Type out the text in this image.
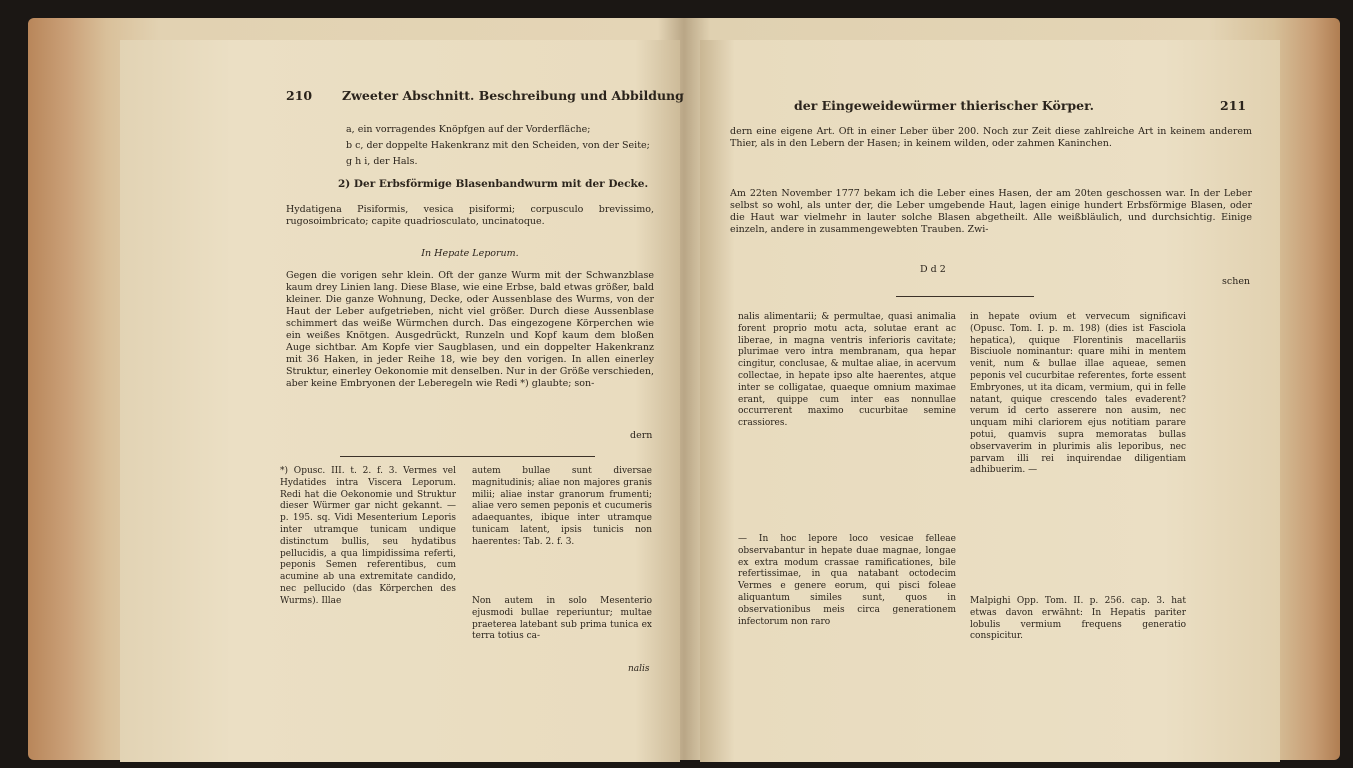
210 Zweeter Abschnitt. Beschreibung und Abbildung
a, ein vorragendes Knöpfgen auf der Vorderfläche;
b c, der doppelte Hakenkranz mit den Scheiden, von der Seite;
g h i, der Hals.
2) Der Erbsförmige Blasenbandwurm mit der Decke.
Hydatigena Pisiformis, vesica pisiformi; corpusculo brevissimo, rugosoimbricato; capite quadriosculato, uncinatoque.
In Hepate Leporum.
Gegen die vorigen sehr klein. Oft der ganze Wurm mit der Schwanzblase kaum drey Linien lang. Diese Blase, wie eine Erbse, bald etwas größer, bald kleiner. Die ganze Wohnung, Decke, oder Aussenblase des Wurms, von der Haut der Leber aufgetrieben, nicht viel größer. Durch diese Aussenblase schimmert das weiße Würmchen durch. Das eingezogene Körperchen wie ein weißes Knötgen. Ausgedrückt, Runzeln und Kopf kaum dem bloßen Auge sichtbar. Am Kopfe vier Saugblasen, und ein doppelter Hakenkranz mit 36 Haken, in jeder Reihe 18, wie bey den vorigen. In allen einerley Struktur, einerley Oekonomie mit denselben. Nur in der Größe verschieden, aber keine Embryonen der Leberegeln wie Redi *) glaubte; son-
dern
*) Opusc. III. t. 2. f. 3. Vermes vel Hydatides intra Viscera Leporum. Redi hat die Oekonomie und Struktur dieser Würmer gar nicht gekannt. — p. 195. sq. Vidi Mesenterium Leporis inter utramque tunicam undique distinctum bullis, seu hydatibus pellucidis, a qua limpidissima referti, peponis Semen referentibus, cum acumine ab una extremitate candido, nec pellucido (das Körperchen des Wurms). Illae
autem bullae sunt diversae magnitudinis; aliae non majores granis milii; aliae instar granorum frumenti; aliae vero semen peponis et cucumeris adaequantes, ibique inter utramque tunicam latent, ipsis tunicis non haerentes: Tab. 2. f. 3.
Non autem in solo Mesenterio ejusmodi bullae reperiuntur; multae praeterea latebant sub prima tunica ex terra totius ca-
nalis
der Eingeweidewürmer thierischer Körper.	211
dern eine eigene Art. Oft in einer Leber über 200. Noch zur Zeit diese zahlreiche Art in keinem anderem Thier, als in den Lebern der Hasen; in keinem wilden, oder zahmen Kaninchen.
Am 22ten November 1777 bekam ich die Leber eines Hasen, der am 20ten geschossen war. In der Leber selbst so wohl, als unter der, die Leber umgebende Haut, lagen einige hundert Erbsförmige Blasen, oder die Haut war vielmehr in lauter solche Blasen abgetheilt. Alle weißbläulich, und durchsichtig. Einige einzeln, andere in zusammengewebten Trauben. Zwi-
D d 2
schen
nalis alimentarii; & permultae, quasi animalia forent proprio motu acta, solutae erant ac liberae, in magna ventris inferioris cavitate; plurimae vero intra membranam, qua hepar cingitur, conclusae, & multae aliae, in acervum collectae, in hepate ipso alte haerentes, atque inter se colligatae, quaeque omnium maximae erant, quippe cum inter eas nonnullae occurrerent maximo cucurbitae semine crassiores.
— In hoc lepore loco vesicae felleae observabantur in hepate duae magnae, longae ex extra modum crassae ramificationes, bile refertissimae, in qua natabant octodecim Vermes e genere eorum, qui pisci foleae aliquantum similes sunt, quos in observationibus meis circa generationem infectorum non raro
in hepate ovium et vervecum significavi (Opusc. Tom. I. p. m. 198) (dies ist Fasciola hepatica), quique Florentinis macellariis Bisciuole nominantur: quare mihi in mentem venit, num & bullae illae aqueae, semen peponis vel cucurbitae referentes, forte essent Embryones, ut ita dicam, vermium, qui in felle natant, quique crescendo tales evaderent? verum id certo asserere non ausim, nec unquam mihi clariorem ejus notitiam parare potui, quamvis supra memoratas bullas observaverim in plurimis alis leporibus, nec parvam illi rei inquirendae diligentiam adhibuerim. —
Malpighi Opp. Tom. II. p. 256. cap. 3. hat etwas davon erwähnt: In Hepatis pariter lobulis vermium frequens generatio conspicitur.
